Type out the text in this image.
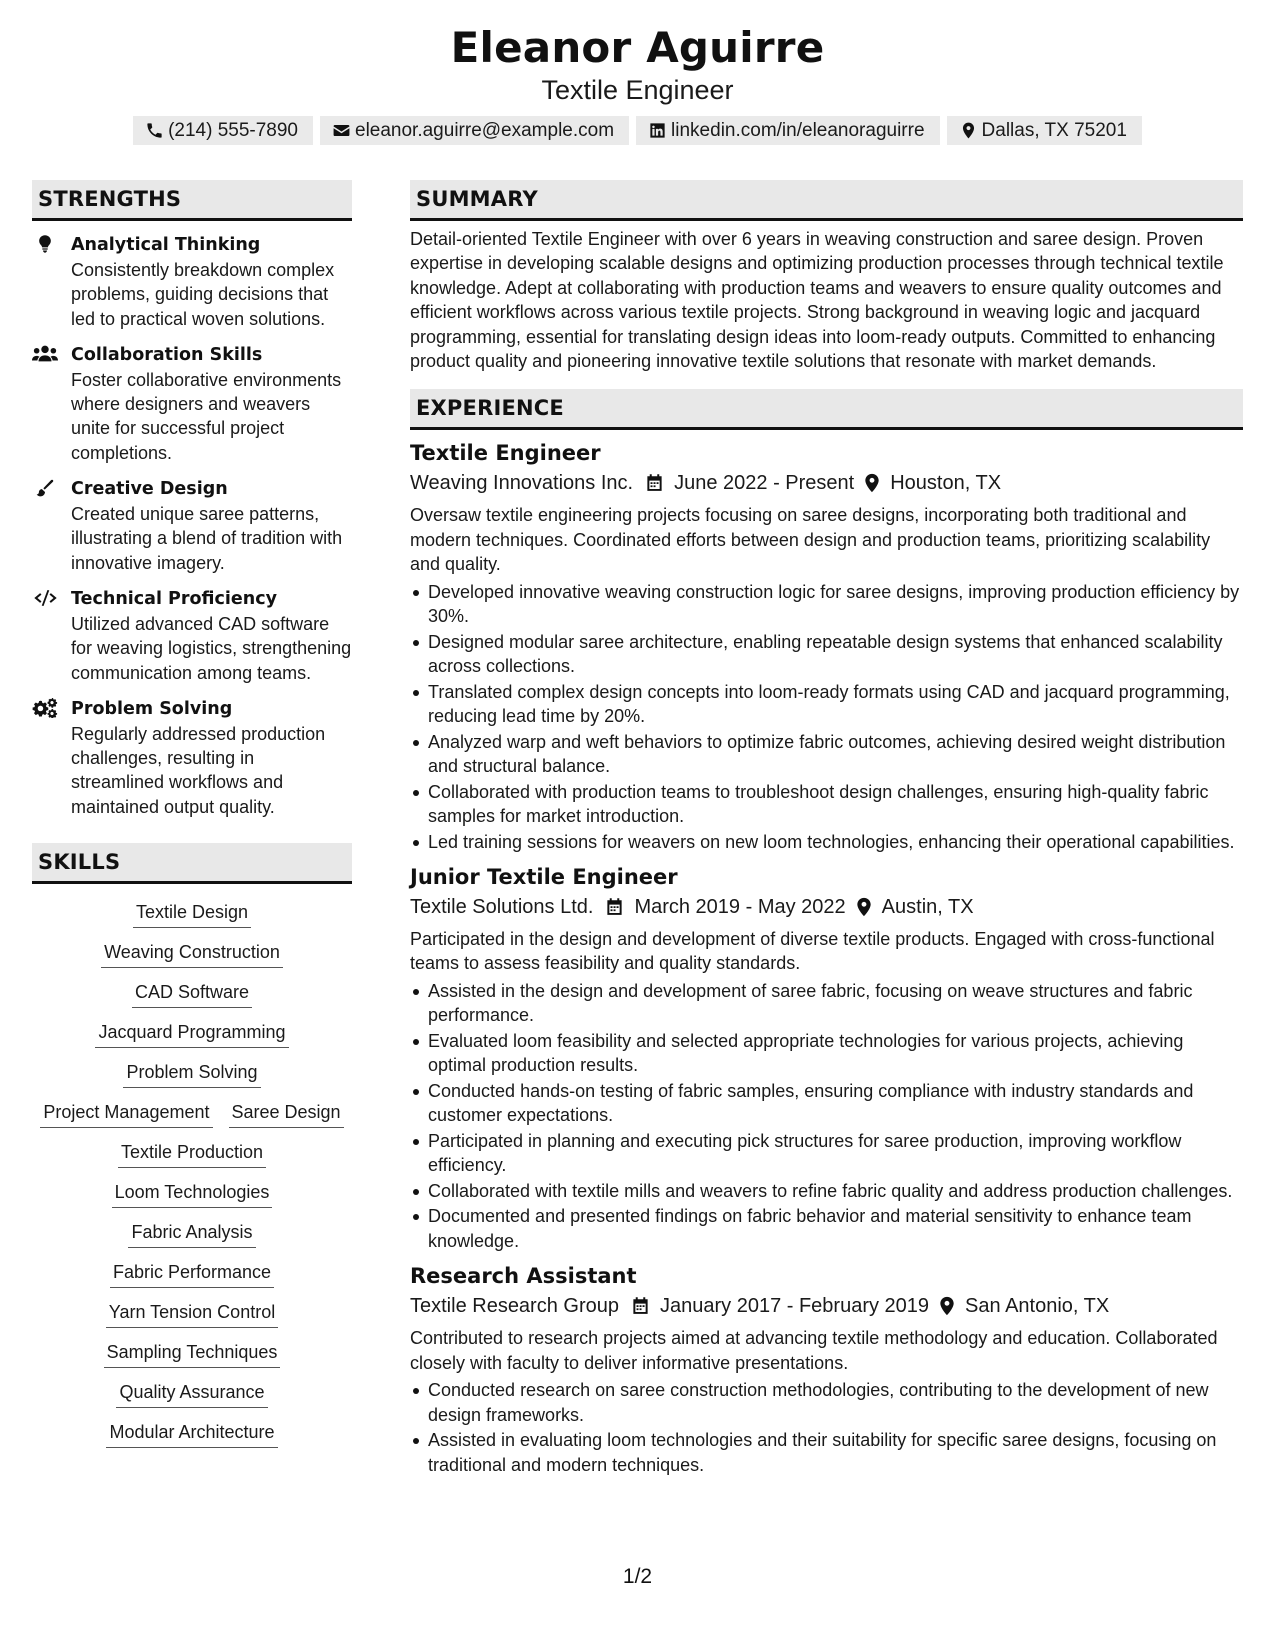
Eleanor Aguirre
Textile Engineer
(214) 555-7890	eleanor.aguirre@example.com	linkedin.com/in/eleanoraguirre	Dallas, TX 75201
STRENGTHS
Analytical Thinking
Consistently breakdown complex problems, guiding decisions that led to practical woven solutions.
Collaboration Skills
Foster collaborative environments where designers and weavers unite for successful project completions.
Creative Design
Created unique saree patterns, illustrating a blend of tradition with innovative imagery.
Technical Proficiency
Utilized advanced CAD software for weaving logistics, strengthening communication among teams.
Problem Solving
Regularly addressed production challenges, resulting in streamlined workflows and maintained output quality.
SKILLS
Textile Design
Weaving Construction
CAD Software
Jacquard Programming
Problem Solving
Project Management Saree Design
Textile Production
Loom Technologies
Fabric Analysis
Fabric Performance
Yarn Tension Control
Sampling Techniques
Quality Assurance
Modular Architecture
SUMMARY
Detail-oriented Textile Engineer with over 6 years in weaving construction and saree design. Proven expertise in developing scalable designs and optimizing production processes through technical textile knowledge. Adept at collaborating with production teams and weavers to ensure quality outcomes and efficient workflows across various textile projects. Strong background in weaving logic and jacquard programming, essential for translating design ideas into loom-ready outputs. Committed to enhancing product quality and pioneering innovative textile solutions that resonate with market demands.
EXPERIENCE
Textile Engineer
Weaving Innovations Inc. June 2022 - Present Houston, TX
Oversaw textile engineering projects focusing on saree designs, incorporating both traditional and modern techniques. Coordinated efforts between design and production teams, prioritizing scalability and quality.
Developed innovative weaving construction logic for saree designs, improving production efficiency by 30%.
Designed modular saree architecture, enabling repeatable design systems that enhanced scalability across collections.
Translated complex design concepts into loom-ready formats using CAD and jacquard programming, reducing lead time by 20%.
Analyzed warp and weft behaviors to optimize fabric outcomes, achieving desired weight distribution and structural balance.
Collaborated with production teams to troubleshoot design challenges, ensuring high-quality fabric samples for market introduction.
Led training sessions for weavers on new loom technologies, enhancing their operational capabilities.
Junior Textile Engineer
Textile Solutions Ltd. March 2019 - May 2022 Austin, TX
Participated in the design and development of diverse textile products. Engaged with cross-functional teams to assess feasibility and quality standards.
Assisted in the design and development of saree fabric, focusing on weave structures and fabric performance.
Evaluated loom feasibility and selected appropriate technologies for various projects, achieving optimal production results.
Conducted hands-on testing of fabric samples, ensuring compliance with industry standards and customer expectations.
Participated in planning and executing pick structures for saree production, improving workflow efficiency.
Collaborated with textile mills and weavers to refine fabric quality and address production challenges.
Documented and presented findings on fabric behavior and material sensitivity to enhance team knowledge.
Research Assistant
Textile Research Group January 2017 - February 2019 San Antonio, TX
Contributed to research projects aimed at advancing textile methodology and education. Collaborated closely with faculty to deliver informative presentations.
Conducted research on saree construction methodologies, contributing to the development of new design frameworks.
Assisted in evaluating loom technologies and their suitability for specific saree designs, focusing on traditional and modern techniques.
1/2
